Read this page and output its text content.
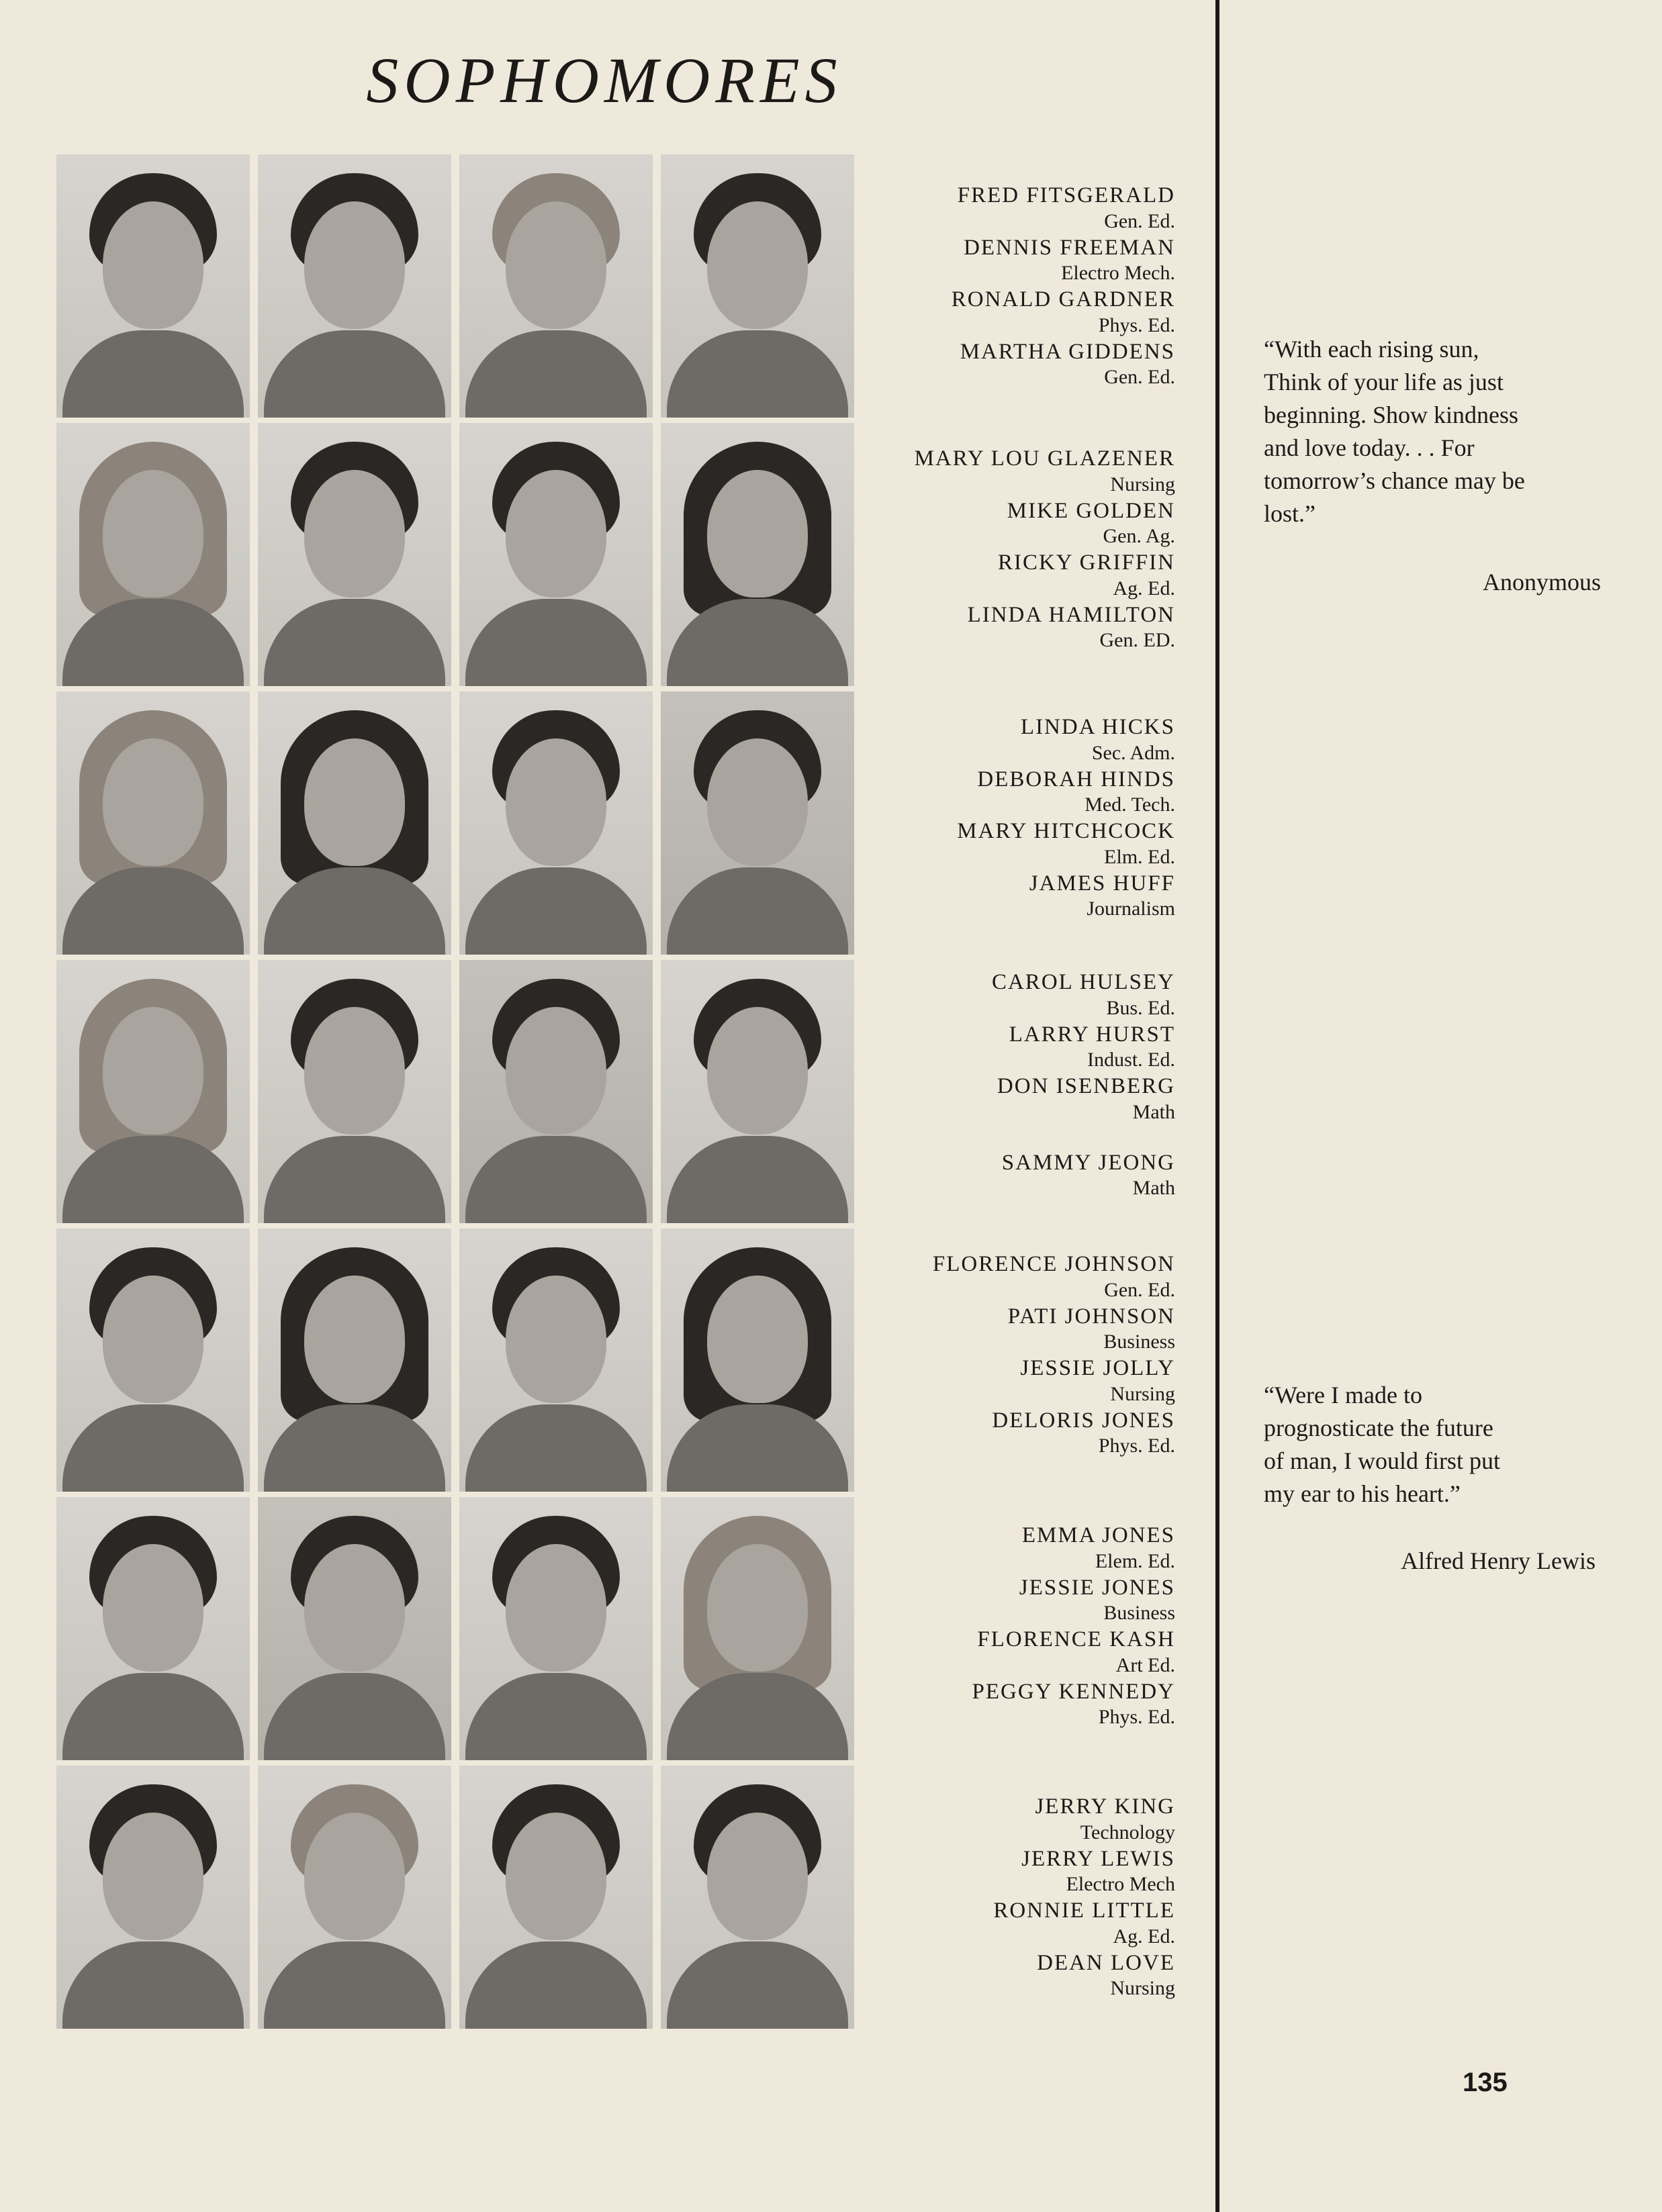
SOPHOMORES
FRED FITSGERALD
Gen. Ed.
DENNIS FREEMAN
Electro Mech.
RONALD GARDNER
Phys. Ed.
MARTHA GIDDENS
Gen. Ed.
MARY LOU GLAZENER
Nursing
MIKE GOLDEN
Gen. Ag.
RICKY GRIFFIN
Ag. Ed.
LINDA HAMILTON
Gen. ED.
LINDA HICKS
Sec. Adm.
DEBORAH HINDS
Med. Tech.
MARY HITCHCOCK
Elm. Ed.
JAMES HUFF
Journalism
CAROL HULSEY
Bus. Ed.
LARRY HURST
Indust. Ed.
DON ISENBERG
Math
SAMMY JEONG
Math
FLORENCE JOHNSON
Gen. Ed.
PATI JOHNSON
Business
JESSIE JOLLY
Nursing
DELORIS JONES
Phys. Ed.
EMMA JONES
Elem. Ed.
JESSIE JONES
Business
FLORENCE KASH
Art Ed.
PEGGY KENNEDY
Phys. Ed.
JERRY KING
Technology
JERRY LEWIS
Electro Mech
RONNIE LITTLE
Ag. Ed.
DEAN LOVE
Nursing
“With each rising sun,
Think of your life as just
beginning. Show kindness
and love today. . . For
tomorrow’s chance may be
lost.”
Anonymous
“Were I made to
prognosticate the future
of man, I would first put
my ear to his heart.”
Alfred Henry Lewis
135
